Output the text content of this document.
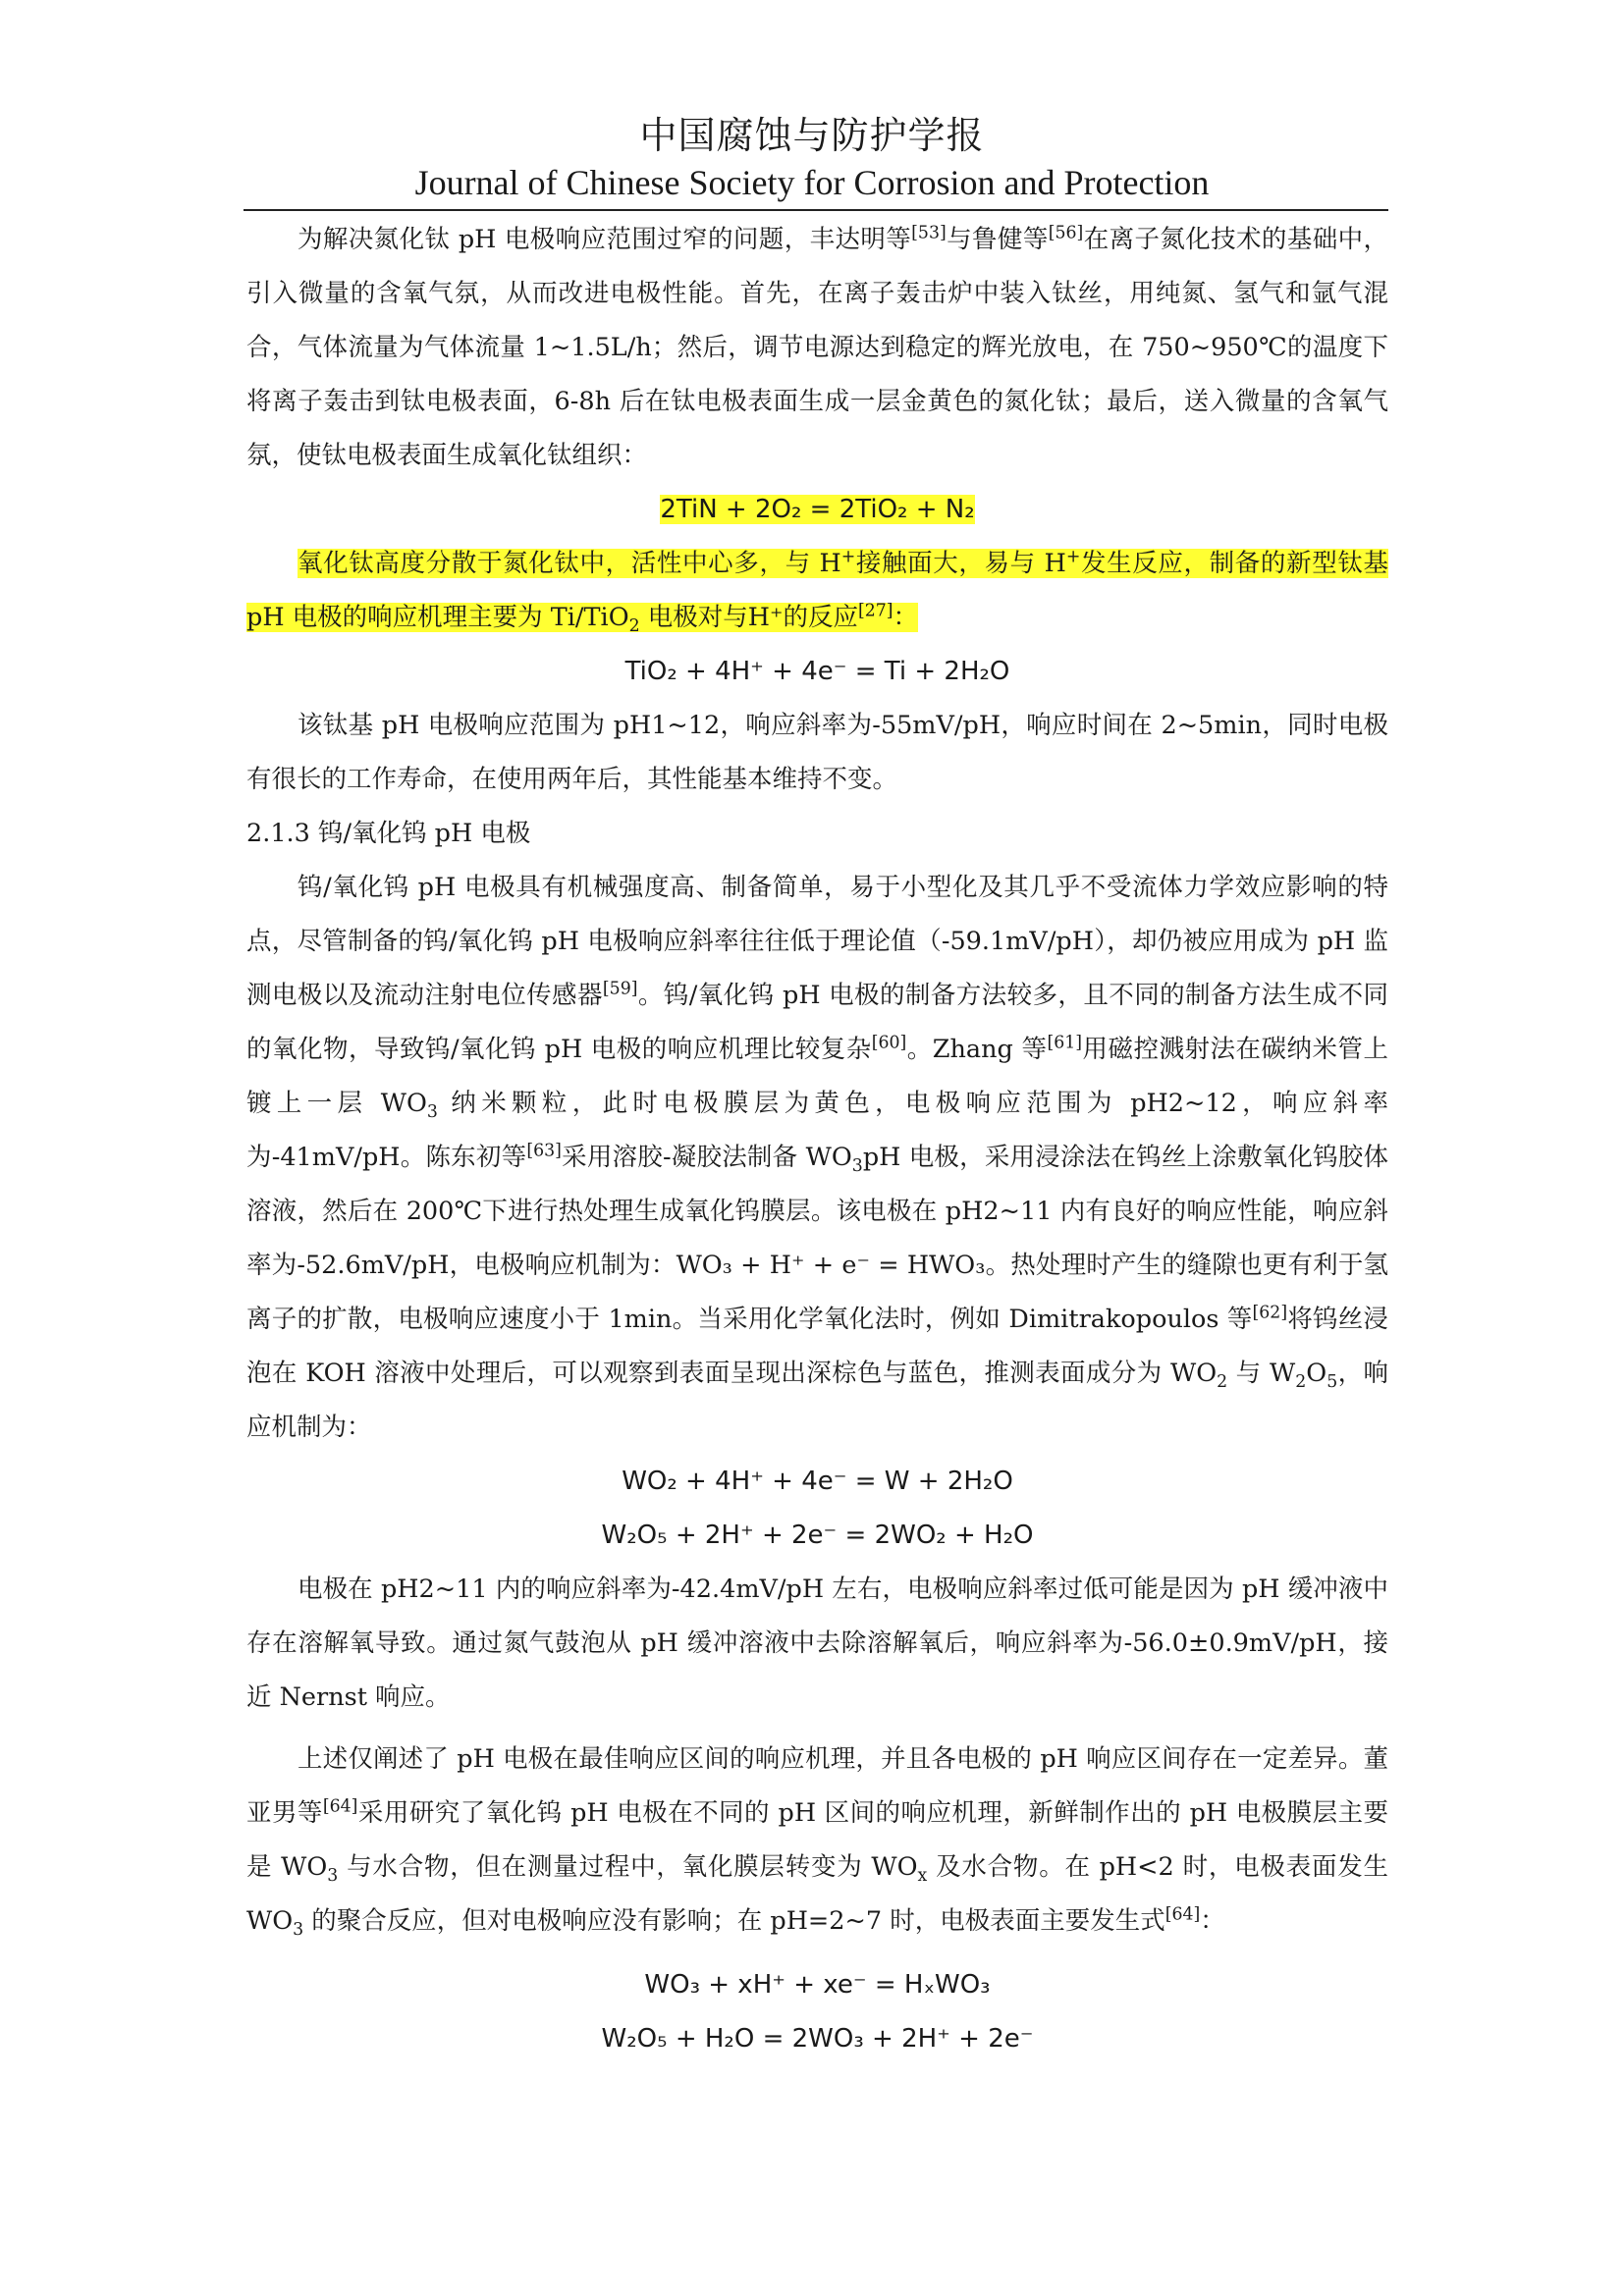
中国腐蚀与防护学报
Journal of Chinese Society for Corrosion and Protection

为解决氮化钛 pH 电极响应范围过窄的问题，丰达明等[53]与鲁健等[56]在离子氮化技术的基础中，引入微量的含氧气氛，从而改进电极性能。首先，在离子轰击炉中装入钛丝，用纯氮、氢气和氩气混合，气体流量为气体流量 1~1.5L/h；然后，调节电源达到稳定的辉光放电，在 750~950℃的温度下将离子轰击到钛电极表面，6-8h 后在钛电极表面生成一层金黄色的氮化钛；最后，送入微量的含氧气氛，使钛电极表面生成氧化钛组织：

2TiN + 2O₂ = 2TiO₂ + N₂

氧化钛高度分散于氮化钛中，活性中心多，与 H+接触面大，易与 H+发生反应，制备的新型钛基 pH 电极的响应机理主要为 Ti/TiO$_2$ 电极对与H⁺的反应[27]：

TiO₂ + 4H⁺ + 4e⁻ = Ti + 2H₂O

该钛基 pH 电极响应范围为 pH1~12，响应斜率为-55mV/pH，响应时间在 2~5min，同时电极有很长的工作寿命，在使用两年后，其性能基本维持不变。

2.1.3 钨/氧化钨 pH 电极

钨/氧化钨 pH 电极具有机械强度高、制备简单，易于小型化及其几乎不受流体力学效应影响的特点，尽管制备的钨/氧化钨 pH 电极响应斜率往往低于理论值（-59.1mV/pH），却仍被应用成为 pH 监测电极以及流动注射电位传感器[59]。钨/氧化钨 pH 电极的制备方法较多，且不同的制备方法生成不同的氧化物，导致钨/氧化钨 pH 电极的响应机理比较复杂[60]。Zhang 等[61]用磁控溅射法在碳纳米管上镀上一层 $WO_3$ 纳米颗粒，此时电极膜层为黄色，电极响应范围为 pH2~12，响应斜率为-41mV/pH。陈东初等[63]采用溶胶-凝胶法制备 $WO_3pH$ 电极，采用浸涂法在钨丝上涂敷氧化钨胶体溶液，然后在 200℃下进行热处理生成氧化钨膜层。该电极在 pH2~11 内有良好的响应性能，响应斜率为-52.6mV/pH，电极响应机制为：WO₃ + H⁺ + e⁻ = HWO₃。热处理时产生的缝隙也更有利于氢离子的扩散，电极响应速度小于 1min。当采用化学氧化法时，例如 Dimitrakopoulos 等[62]将钨丝浸泡在 KOH 溶液中处理后，可以观察到表面呈现出深棕色与蓝色，推测表面成分为 $WO_2$ 与 $W_2O_5$，响应机制为：

WO₂ + 4H⁺ + 4e⁻ = W + 2H₂O

W₂O₅ + 2H⁺ + 2e⁻ = 2WO₂ + H₂O

电极在 pH2~11 内的响应斜率为-42.4mV/pH 左右，电极响应斜率过低可能是因为 pH 缓冲液中存在溶解氧导致。通过氮气鼓泡从 pH 缓冲溶液中去除溶解氧后，响应斜率为-56.0±0.9mV/pH，接近 Nernst 响应。

上述仅阐述了 pH 电极在最佳响应区间的响应机理，并且各电极的 pH 响应区间存在一定差异。董亚男等[64]采用研究了氧化钨 pH 电极在不同的 pH 区间的响应机理，新鲜制作出的 pH 电极膜层主要是 $WO_3$ 与水合物，但在测量过程中，氧化膜层转变为 $WO_x$ 及水合物。在 pH<2 时，电极表面发生 $WO_3$ 的聚合反应，但对电极响应没有影响；在 pH=2~7 时，电极表面主要发生式[64]：

WO₃ + xH⁺ + xe⁻ = HₓWO₃

W₂O₅ + H₂O = 2WO₃ + 2H⁺ + 2e⁻
